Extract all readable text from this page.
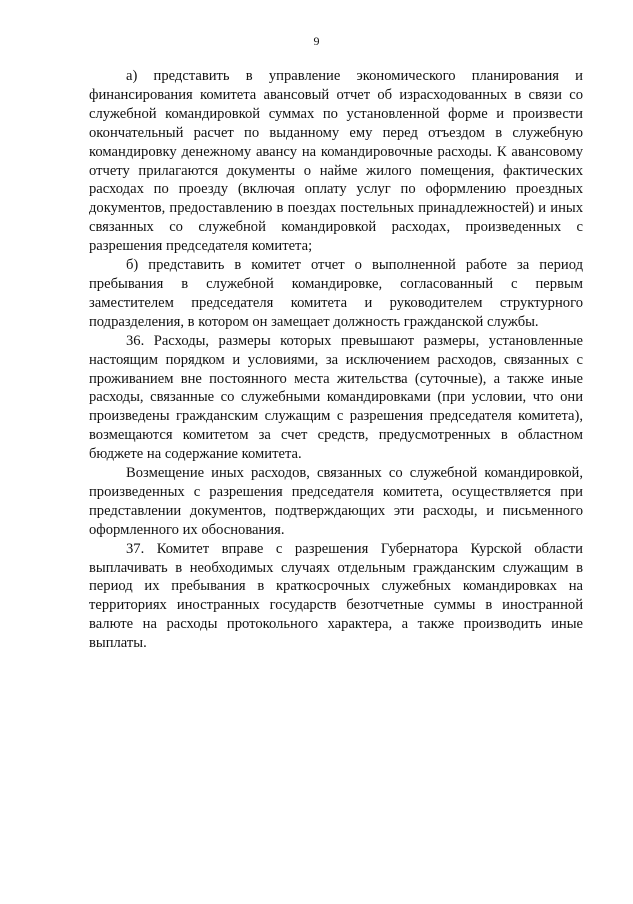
9

а) представить в управление экономического планирования и финансирования комитета авансовый отчет об израсходованных в связи со служебной командировкой суммах по установленной форме и произвести окончательный расчет по выданному ему перед отъездом в служебную командировку денежному авансу на командировочные расходы. К авансовому отчету прилагаются документы о найме жилого помещения, фактических расходах по проезду (включая оплату услуг по оформлению проездных документов, предоставлению в поездах постельных принадлежностей) и иных связанных со служебной командировкой расходах, произведенных с разрешения председателя комитета;

б) представить в комитет отчет о выполненной работе за период пребывания в служебной командировке, согласованный с первым заместителем председателя комитета и руководителем структурного подразделения, в котором он замещает должность гражданской службы.

36. Расходы, размеры которых превышают размеры, установленные настоящим порядком и условиями, за исключением расходов, связанных с проживанием вне постоянного места жительства (суточные), а также иные расходы, связанные со служебными командировками (при условии, что они произведены гражданским служащим с разрешения председателя комитета), возмещаются комитетом за счет средств, предусмотренных в областном бюджете на содержание комитета.

Возмещение иных расходов, связанных со служебной командировкой, произведенных с разрешения председателя комитета, осуществляется при представлении документов, подтверждающих эти расходы, и письменного оформленного их обоснования.

37. Комитет вправе с разрешения Губернатора Курской области выплачивать в необходимых случаях отдельным гражданским служащим в период их пребывания в краткосрочных служебных командировках на территориях иностранных государств безотчетные суммы в иностранной валюте на расходы протокольного характера, а также производить иные выплаты.
